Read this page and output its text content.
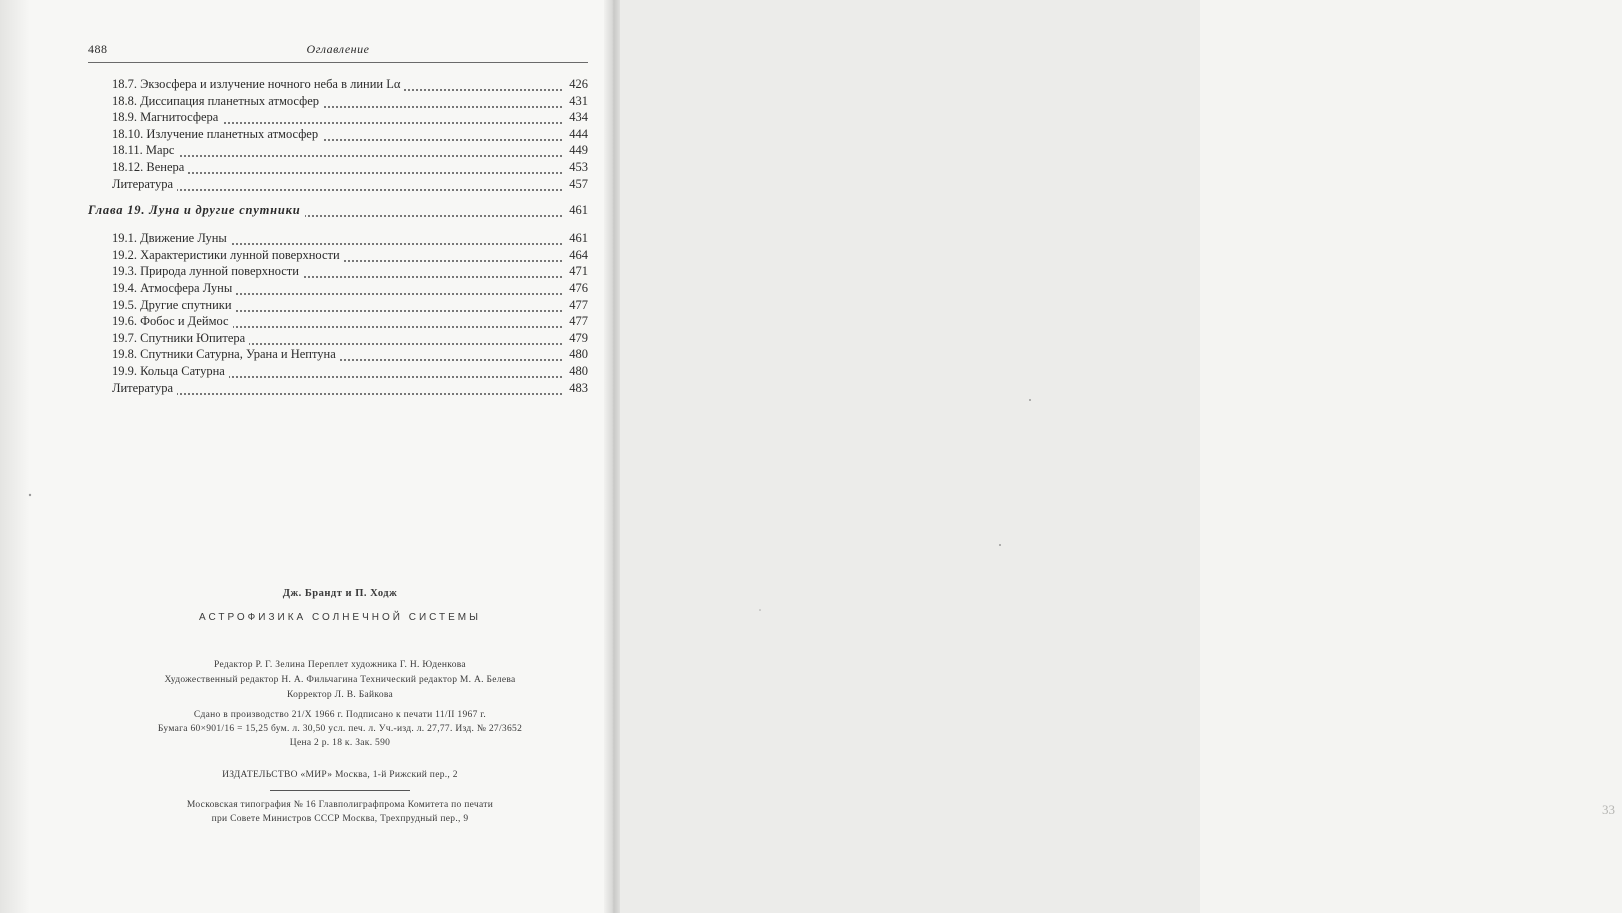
488	Оглавление
18.7. Экзосфера и излучение ночного неба в линии Lα	426
18.8. Диссипация планетных атмосфер	431
18.9. Магнитосфера	434
18.10. Излучение планетных атмосфер	444
18.11. Марс	449
18.12. Венера	453
Литература	457
Глава 19. Луна и другие спутники	461
19.1. Движение Луны	461
19.2. Характеристики лунной поверхности	464
19.3. Природа лунной поверхности	471
19.4. Атмосфера Луны	476
19.5. Другие спутники	477
19.6. Фобос и Деймос	477
19.7. Спутники Юпитера	479
19.8. Спутники Сатурна, Урана и Нептуна	480
19.9. Кольца Сатурна	480
Литература	483
Дж. Брандт и П. Ходж
АСТРОФИЗИКА СОЛНЕЧНОЙ СИСТЕМЫ
Редактор Р. Г. Зелина Переплет художника Г. Н. Юденкова
Художественный редактор Н. А. Фильчагина Технический редактор М. А. Белева
Корректор Л. В. Байкова
Сдано в производство 21/X 1966 г. Подписано к печати 11/II 1967 г.
Бумага 60×901/16 = 15,25 бум. л. 30,50 усл. печ. л. Уч.-изд. л. 27,77. Изд. № 27/3652
Цена 2 р. 18 к. Зак. 590
ИЗДАТЕЛЬСТВО «МИР» Москва, 1-й Рижский пер., 2
Московская типография № 16 Главполиграфпрома Комитета по печати
при Совете Министров СССР Москва, Трехпрудный пер., 9
33
